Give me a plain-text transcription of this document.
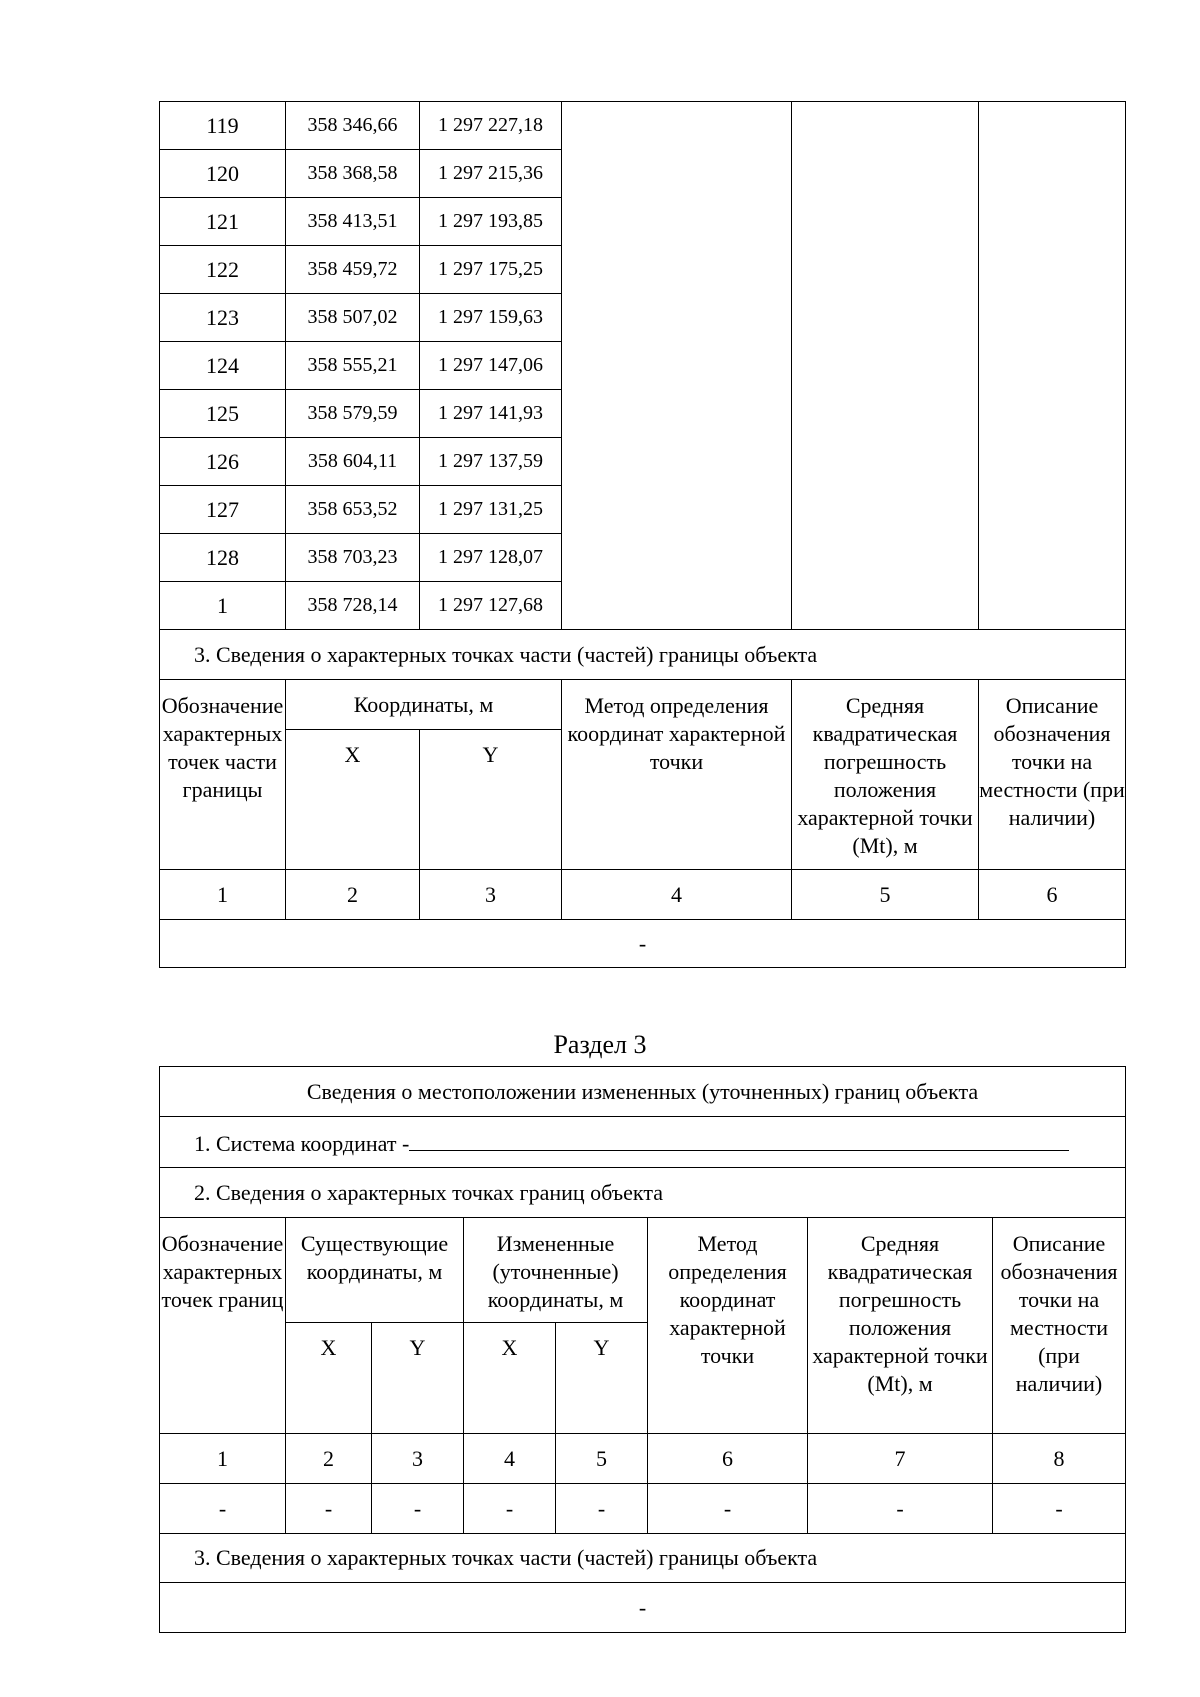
119	358 346,66	1 297 227,18			
120	358 368,58	1 297 215,36			
121	358 413,51	1 297 193,85			
122	358 459,72	1 297 175,25			
123	358 507,02	1 297 159,63			
124	358 555,21	1 297 147,06			
125	358 579,59	1 297 141,93			
126	358 604,11	1 297 137,59			
127	358 653,52	1 297 131,25			
128	358 703,23	1 297 128,07			
1	358 728,14	1 297 127,68			
3. Сведения о характерных точках части (частей) границы объекта					
Обозначение характерных точек части границы	Координаты, м		Метод определения координат характерной точки	Средняя квадратическая погрешность положения характерной точки (Mt), м	Описание обозначения точки на местности (при наличии)
	X	Y			
1	2	3	4	5	6
-					
Раздел 3
Сведения о местоположении измененных (уточненных) границ объекта							
1. Система координат -							
2. Сведения о характерных точках границ объекта							
Обозначение характерных точек границ	Существующие координаты, м		Измененные (уточненные) координаты, м		Метод определения координат характерной точки	Средняя квадратическая погрешность положения характерной точки (Mt), м	Описание обозначения точки на местности (при наличии)
	X	Y	X	Y			
1	2	3	4	5	6	7	8
-	-	-	-	-	-	-	-
3. Сведения о характерных точках части (частей) границы объекта							
-							
